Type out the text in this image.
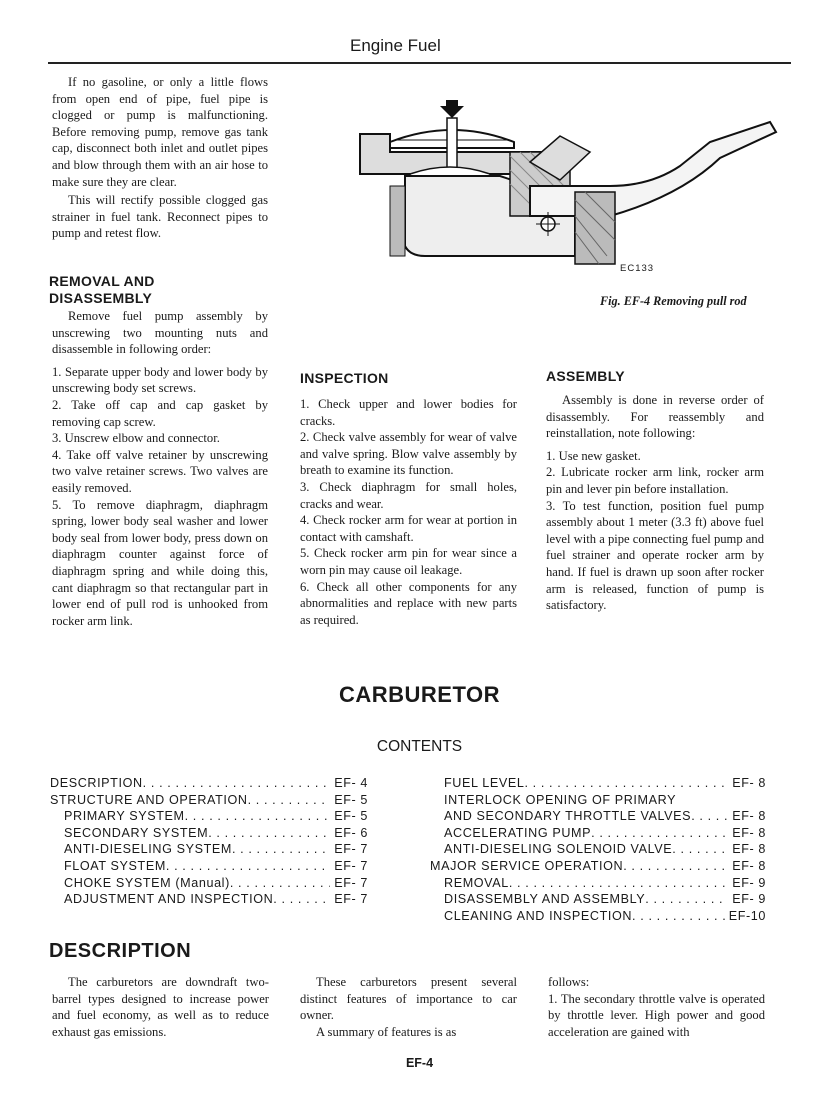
Engine Fuel

If no gasoline, or only a little flows from open end of pipe, fuel pipe is clogged or pump is malfunctioning. Before removing pump, remove gas tank cap, disconnect both inlet and outlet pipes and blow through them with an air hose to make sure they are clear.

This will rectify possible clogged gas strainer in fuel tank. Reconnect pipes to pump and retest flow.

REMOVAL AND
DISASSEMBLY

Remove fuel pump assembly by unscrewing two mounting nuts and disassemble in following order:

1. Separate upper body and lower body by unscrewing body set screws.

2. Take off cap and cap gasket by removing cap screw.

3. Unscrew elbow and connector.

4. Take off valve retainer by unscrewing two valve retainer screws. Two valves are easily removed.

5. To remove diaphragm, diaphragm spring, lower body seal washer and lower body seal from lower body, press down on diaphragm counter against force of diaphragm spring and while doing this, cant diaphragm so that rectangular part in lower end of pull rod is unhooked from rocker arm link.

EC133
Fig. EF-4 Removing pull rod
INSPECTION

1. Check upper and lower bodies for cracks.

2. Check valve assembly for wear of valve and valve spring. Blow valve assembly by breath to examine its function.

3. Check diaphragm for small holes, cracks and wear.

4. Check rocker arm for wear at portion in contact with camshaft.

5. Check rocker arm pin for wear since a worn pin may cause oil leakage.

6. Check all other components for any abnormalities and replace with new parts as required.

ASSEMBLY

Assembly is done in reverse order of disassembly. For reassembly and reinstallation, note following:

1. Use new gasket.

2. Lubricate rocker arm link, rocker arm pin and lever pin before installation.

3. To test function, position fuel pump assembly about 1 meter (3.3 ft) above fuel level with a pipe connecting fuel pump and fuel strainer and operate rocker arm by hand. If fuel is drawn up soon after rocker arm is released, function of pump is satisfactory.

CARBURETOR
CONTENTS
DESCRIPTION . . .	EF- 4
STRUCTURE AND OPERATION . . .	EF- 5
PRIMARY SYSTEM . . .	EF- 5
SECONDARY SYSTEM . . .	EF- 6
ANTI-DIESELING SYSTEM . . .	EF- 7
FLOAT SYSTEM . . .	EF- 7
CHOKE SYSTEM (Manual) . . .	EF- 7
ADJUSTMENT AND INSPECTION . . .	EF- 7
FUEL LEVEL . . .	EF- 8
INTERLOCK OPENING OF PRIMARY
AND SECONDARY THROTTLE VALVES . . .	EF- 8
ACCELERATING PUMP . . .	EF- 8
ANTI-DIESELING SOLENOID VALVE . . .	EF- 8
MAJOR SERVICE OPERATION . . .	EF- 8
REMOVAL . . .	EF- 9
DISASSEMBLY AND ASSEMBLY . . .	EF- 9
CLEANING AND INSPECTION . . .	EF-10
DESCRIPTION

The carburetors are downdraft two-barrel types designed to increase power and fuel economy, as well as to reduce exhaust gas emissions.

These carburetors present several distinct features of importance to car owner.

A summary of features is as

follows:

1. The secondary throttle valve is operated by throttle lever. High power and good acceleration are gained with

EF-4
